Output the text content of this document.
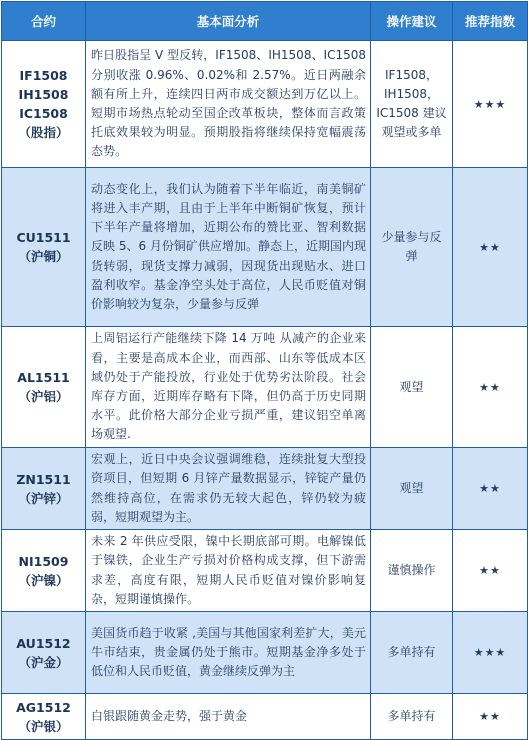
合约	基本面分析	操作建议	推荐指数

IF1508
IH1508
IC1508
（股指）	昨日股指呈 V 型反转，IF1508、IH1508、IC1508 分别收涨 0.96%、0.02%和 2.57%。近日两融余额有所上升，连续四日两市成交额达到万亿以上。短期市场热点轮动至国企改革板块，整体而言政策托底效果较为明显。预期股指将继续保持宽幅震荡态势。	IF1508，IH1508，IC1508 建议观望或多单	★★★

CU1511
（沪铜）	动态变化上，我们认为随着下半年临近，南美铜矿将进入丰产期，且由于上半年中断铜矿恢复，预计下半年产量将增加，近期公布的赞比亚、智利数据反映 5、6 月份铜矿供应增加。静态上，近期国内现货转弱，现货支撑力减弱，因现货出现贴水、进口盈利收窄。基金净空头处于高位，人民币贬值对铜价影响较为复杂，少量参与反弹	少量参与反弹	★★

AL1511
（沪铝）	上周铝运行产能继续下降 14 万吨 从减产的企业来看，主要是高成本企业，而西部、山东等低成本区域仍处于产能投放，行业处于优势劣汰阶段。社会库存方面，近期库存略有下降，但仍高于历史同期水平。此价格大部分企业亏损严重，建议铝空单离场观望.	观望	★★

ZN1511
（沪锌）	宏观上，近日中央会议强调维稳，连续批复大型投资项目，但短期 6 月锌产量数据显示，锌锭产量仍然维持高位，在需求仍无较大起色，锌仍较为疲弱，短期观望为主。	观望	★★

NI1509
（沪镍）	未来 2 年供应受限，镍中长期底部可期。电解镍低于镍铁，企业生产亏损对价格构成支撑，但下游需求差，高度有限，短期人民币贬值对镍价影响复杂，短期谨慎操作。	谨慎操作	★★

AU1512
（沪金）	美国货币趋于收紧 ,美国与其他国家利差扩大，美元牛市结束，贵金属仍处于熊市。短期基金净多处于低位和人民币贬值，黄金继续反弹为主	多单持有	★★★

AG1512
（沪银）	白银跟随黄金走势，强于黄金	多单持有	★★
